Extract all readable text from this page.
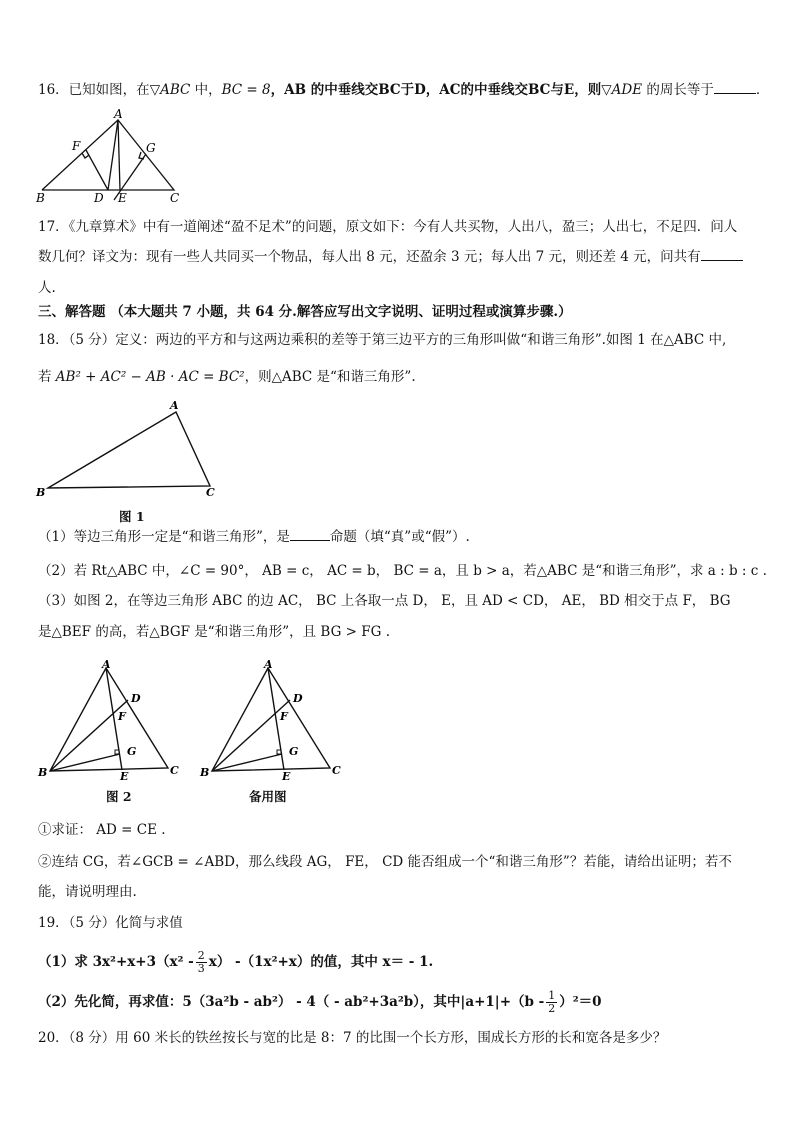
16．已知如图，在▽ABC 中，BC = 8，AB 的中垂线交BC于D，AC的中垂线交BC与E，则▽ADE 的周长等于	．
A
F	G
B	D E	C
17．《九章算术》中有一道阐述“盈不足术”的问题，原文如下：今有人共买物，人出八，盈三；人出七，不足四．问人
数几何？译文为：现有一些人共同买一个物品，每人出 8 元，还盈余 3 元；每人出 7 元，则还差 4 元，问共有
人.
三、解答题 （本大题共 7 小题，共 64 分.解答应写出文字说明、证明过程或演算步骤.）
18．（5 分）定义：两边的平方和与这两边乘积的差等于第三边平方的三角形叫做“和谐三角形”.如图 1 在△ABC 中,
若 AB² + AC² − AB · AC = BC²，则△ABC 是“和谐三角形”.
A
B	C
图 1
（1）等边三角形一定是“和谐三角形”，是	命题（填“真”或“假”）.
（2）若 Rt△ABC 中，∠C = 90°， AB = c， AC = b， BC = a，且 b > a，若△ABC 是“和谐三角形”，求 a : b : c .
（3）如图 2，在等边三角形 ABC 的边 AC， BC 上各取一点 D， E，且 AD < CD， AE， BD 相交于点 F， BG
是△BEF 的高，若△BGF 是“和谐三角形”，且 BG > FG .
A
D
F
G
B	E	C
图 2
A
D
F
G
B	E	C
备用图
①求证： AD = CE .
②连结 CG，若∠GCB = ∠ABD，那么线段 AG， FE， CD 能否组成一个“和谐三角形”？若能，请给出证明；若不
能，请说明理由.
19．（5 分）化简与求值
（1）求 $3x^2+x+3(x^2 - \frac{2}{3} x)$ -（1x²+x）的值，其中 x＝ - 1.
（2）先化简，再求值：5（3a²b - ab²） - 4（ - ab²+3a²b），其中$|a+1|+(b - \frac{1}{2} )^2=0$
20．（8 分）用 60 米长的铁丝按长与宽的比是 8：7 的比围一个长方形，围成长方形的长和宽各是多少？
